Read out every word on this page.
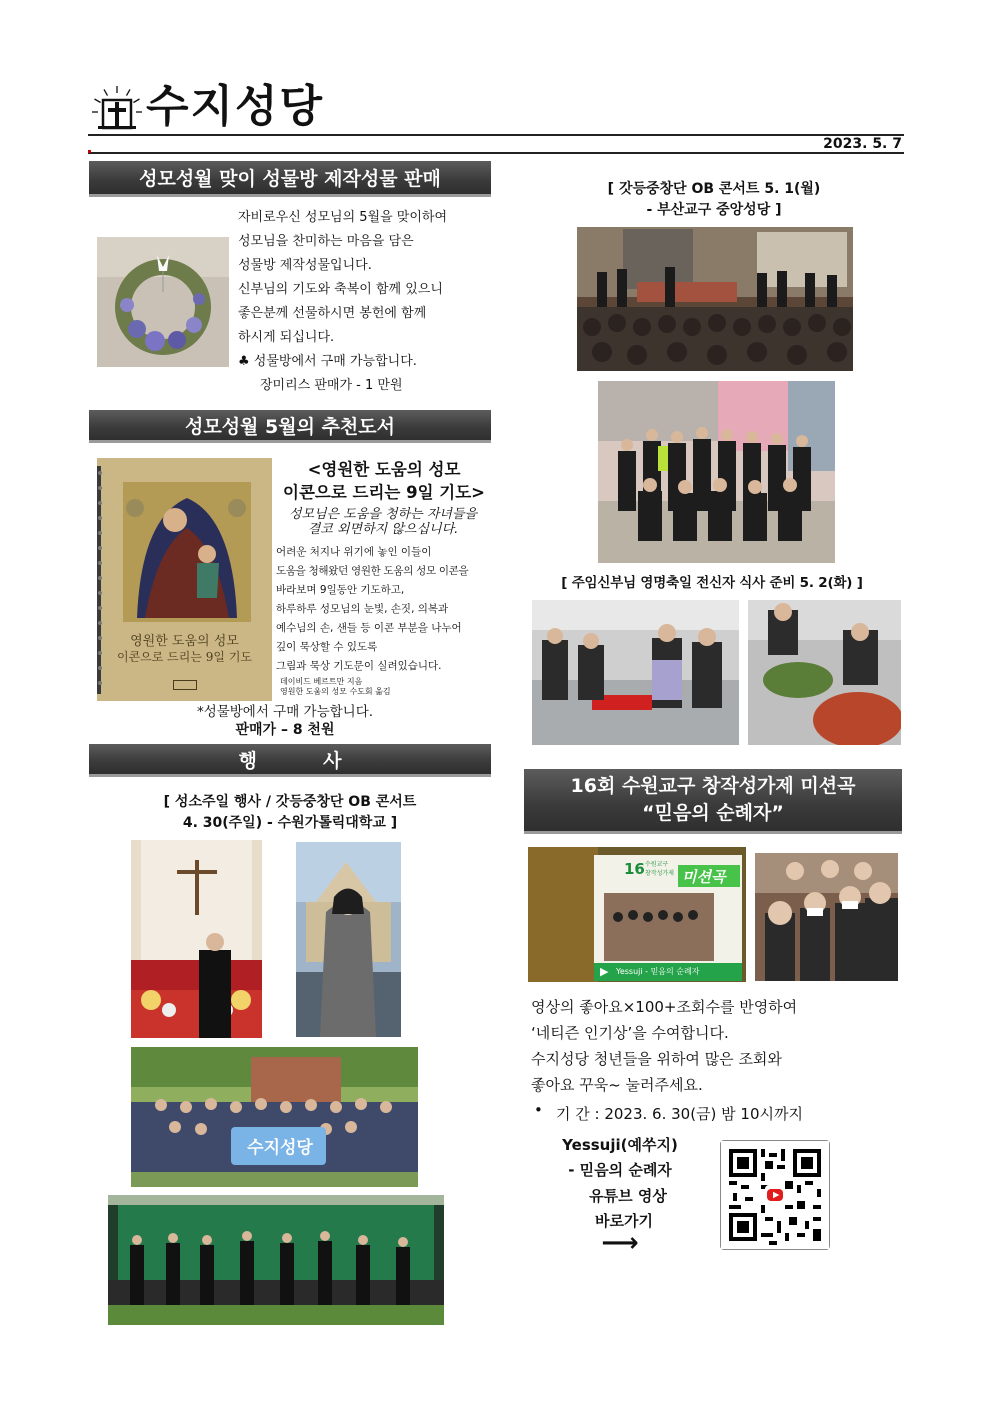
수지성당
2023. 5. 7
성모성월 맞이 성물방 제작성물 판매
자비로우신 성모님의 5월을 맞이하여
성모님을 찬미하는 마음을 담은
성물방 제작성물입니다.
신부님의 기도와 축복이 함께 있으니
좋은분께 선물하시면 봉헌에 함께
하시게 되십니다.
♣ 성물방에서 구매 가능합니다.
장미리스 판매가 - 1 만원
성모성월 5월의 추천도서
영원한 도움의 성모
이콘으로 드리는 9일 기도
<영원한 도움의 성모
이콘으로 드리는 9일 기도>
성모님은 도움을 청하는 자녀들을
결코 외면하지 않으십니다.
어려운 처지나 위기에 놓인 이들이
도움을 청해왔던 영원한 도움의 성모 이콘을
바라보며 9일동안 기도하고,
하루하루 성모님의 눈빛, 손짓, 의복과
예수님의 손, 샌들 등 이콘 부분을 나누어
깊이 묵상할 수 있도록
그림과 묵상 기도문이 실려있습니다.
데이비드 베르트만 지음
영원한 도움의 성모 수도회 옮김
*성물방에서 구매 가능합니다.
판매가 – 8 천원
행          사
[ 성소주일 행사 / 갓등중창단 OB 콘서트
4. 30(주일) - 수원가톨릭대학교 ]
수지성당
[ 갓등중창단 OB 콘서트 5. 1(월)
- 부산교구 중앙성당 ]
[ 주임신부님 영명축일 전신자 식사 준비 5. 2(화) ]
16회 수원교구 창작성가제 미션곡
“믿음의 순례자”
16 수원교구
창작성가제 미션곡
▶ Yessuji - 믿음의 순례자
영상의 좋아요×100+조회수를 반영하여
‘네티즌 인기상’을 수여합니다.
수지성당 청년들을 위하여 많은 조회와
좋아요 꾸욱~ 눌러주세요.
• 기 간 : 2023. 6. 30(금) 밤 10시까지
Yessuji(예쑤지)
- 믿음의 순례자
유튜브 영상
바로가기
⟶
